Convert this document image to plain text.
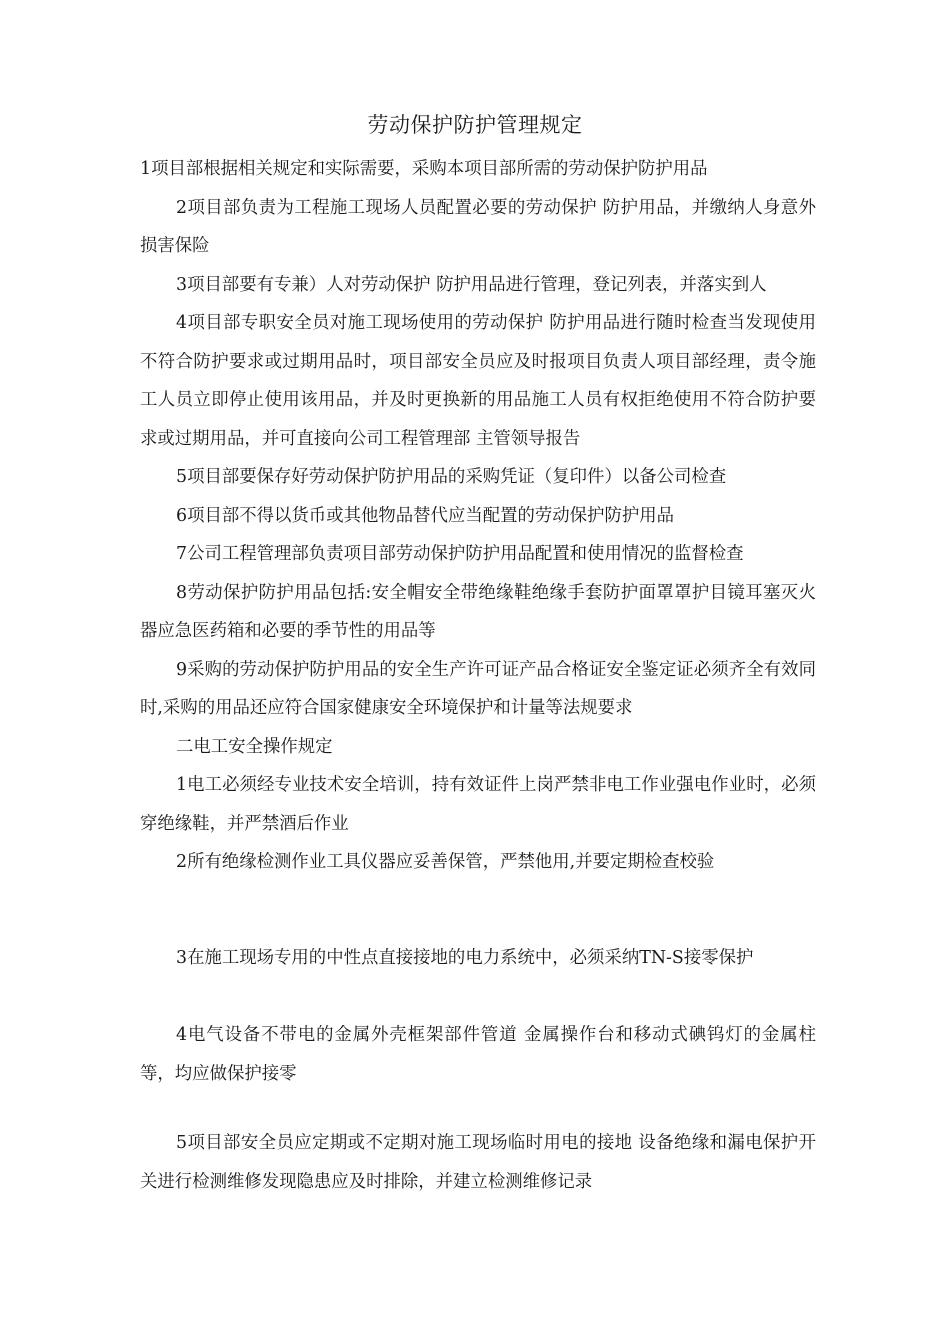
劳动保护防护管理规定

1项目部根据相关规定和实际需要，采购本项目部所需的劳动保护防护用品

2项目部负责为工程施工现场人员配置必要的劳动保护 防护用品，并缴纳人身意外损害保险

3项目部要有专兼）人对劳动保护 防护用品进行管理，登记列表，并落实到人

4项目部专职安全员对施工现场使用的劳动保护 防护用品进行随时检查当发现使用不符合防护要求或过期用品时，项目部安全员应及时报项目负责人项目部经理，责令施工人员立即停止使用该用品，并及时更换新的用品施工人员有权拒绝使用不符合防护要求或过期用品，并可直接向公司工程管理部 主管领导报告

5项目部要保存好劳动保护防护用品的采购凭证（复印件）以备公司检查

6项目部不得以货币或其他物品替代应当配置的劳动保护防护用品

7公司工程管理部负责项目部劳动保护防护用品配置和使用情况的监督检查

8劳动保护防护用品包括:安全帽安全带绝缘鞋绝缘手套防护面罩罩护目镜耳塞灭火器应急医药箱和必要的季节性的用品等

9采购的劳动保护防护用品的安全生产许可证产品合格证安全鉴定证必须齐全有效同时,采购的用品还应符合国家健康安全环境保护和计量等法规要求

二电工安全操作规定

1电工必须经专业技术安全培训，持有效证件上岗严禁非电工作业强电作业时，必须穿绝缘鞋，并严禁酒后作业

2所有绝缘检测作业工具仪器应妥善保管，严禁他用,并要定期检查校验

3在施工现场专用的中性点直接接地的电力系统中，必须采纳TN-S接零保护

4电气设备不带电的金属外壳框架部件管道 金属操作台和移动式碘钨灯的金属柱等，均应做保护接零

5项目部安全员应定期或不定期对施工现场临时用电的接地 设备绝缘和漏电保护开关进行检测维修发现隐患应及时排除，并建立检测维修记录
